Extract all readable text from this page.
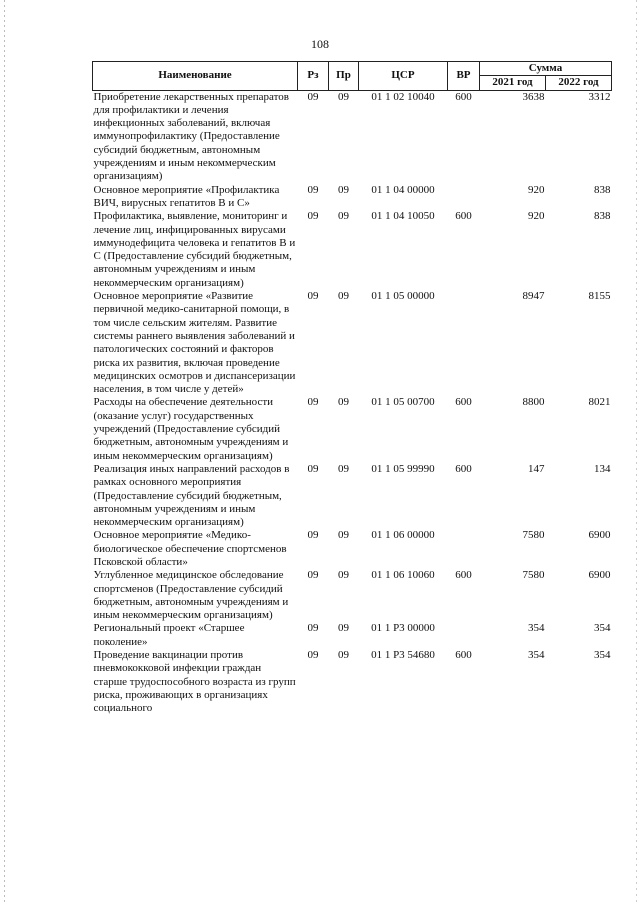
108
Наименование	Рз	Пр	ЦСР	ВР	Сумма	
					2021 год	2022 год
Приобретение лекарственных препаратов для профилактики и лечения инфекционных заболеваний, включая иммунопрофилактику (Предоставление субсидий бюджетным, автономным учреждениям и иным некоммерческим организациям)	09	09	01 1 02 10040	600	3638	3312
Основное мероприятие «Профилактика ВИЧ, вирусных гепатитов В и С»	09	09	01 1 04 00000		920	838
Профилактика, выявление, мониторинг и лечение лиц, инфицированных вирусами иммунодефицита человека и гепатитов В и С (Предоставление субсидий бюджетным, автономным учреждениям и иным некоммерческим организациям)	09	09	01 1 04 10050	600	920	838
Основное мероприятие «Развитие первичной медико-санитарной помощи, в том числе сельским жителям. Развитие системы раннего выявления заболеваний и патологических состояний и факторов риска их развития, включая проведение медицинских осмотров и диспансеризации населения, в том числе у детей»	09	09	01 1 05 00000		8947	8155
Расходы на обеспечение деятельности (оказание услуг) государственных учреждений (Предоставление субсидий бюджетным, автономным учреждениям и иным некоммерческим организациям)	09	09	01 1 05 00700	600	8800	8021
Реализация иных направлений расходов в рамках основного мероприятия (Предоставление субсидий бюджетным, автономным учреждениям и иным некоммерческим организациям)	09	09	01 1 05 99990	600	147	134
Основное мероприятие «Медико-биологическое обеспечение спортсменов Псковской области»	09	09	01 1 06 00000		7580	6900
Углубленное медицинское обследование спортсменов (Предоставление субсидий бюджетным, автономным учреждениям и иным некоммерческим организациям)	09	09	01 1 06 10060	600	7580	6900
Региональный проект «Старшее поколение»	09	09	01 1 P3 00000		354	354
Проведение вакцинации против пневмококковой инфекции граждан старше трудоспособного возраста из групп риска, проживающих в организациях социального	09	09	01 1 P3 54680	600	354	354
